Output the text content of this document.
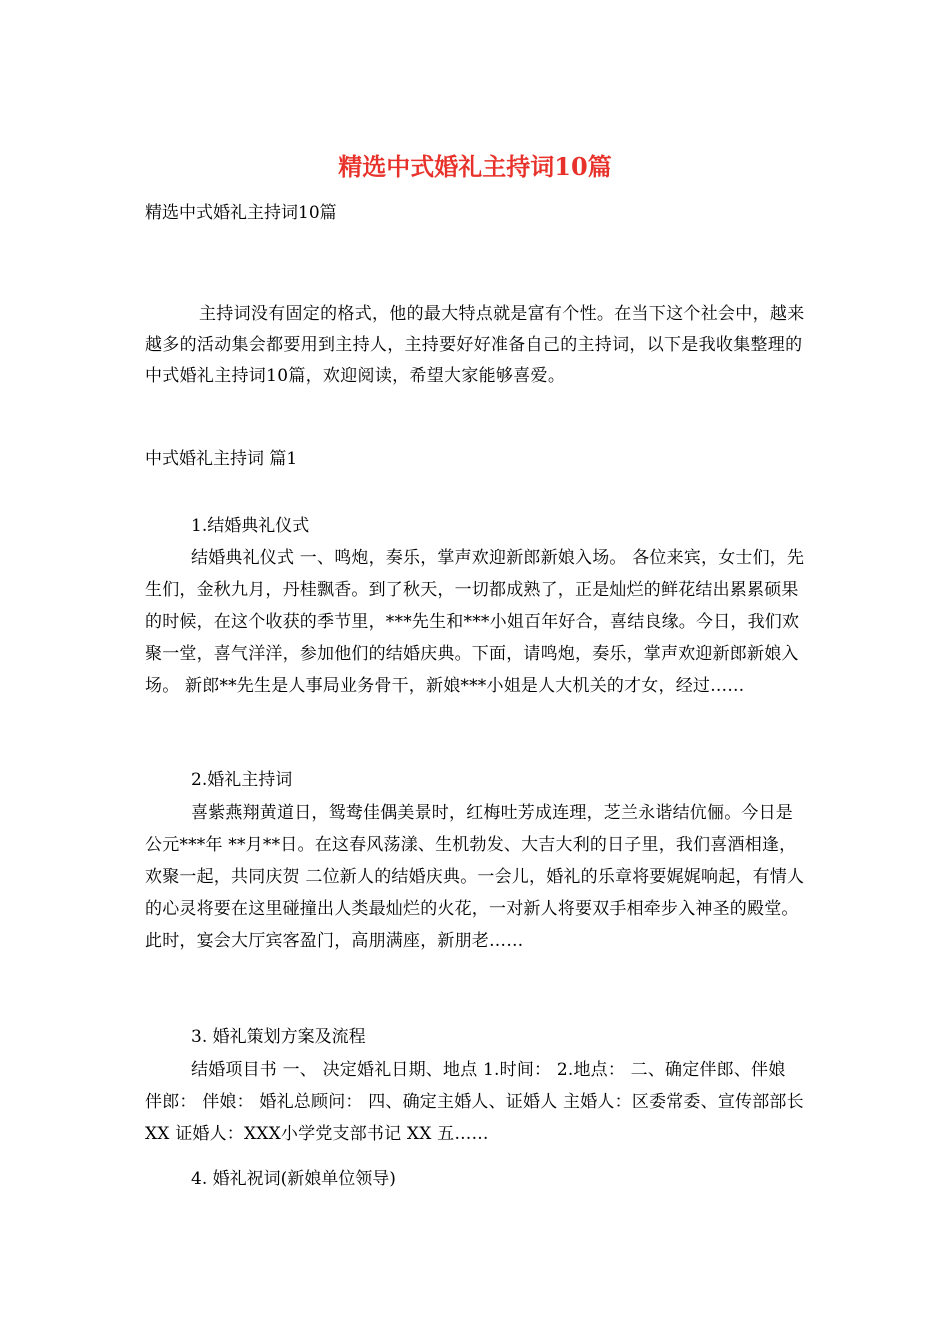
精选中式婚礼主持词10篇
精选中式婚礼主持词10篇
主持词没有固定的格式，他的最大特点就是富有个性。在当下这个社会中，越来越多的活动集会都要用到主持人，主持要好好准备自己的主持词，以下是我收集整理的中式婚礼主持词10篇，欢迎阅读，希望大家能够喜爱。
中式婚礼主持词 篇1
1.结婚典礼仪式
结婚典礼仪式 一、鸣炮，奏乐，掌声欢迎新郎新娘入场。 各位来宾，女士们，先生们，金秋九月，丹桂飘香。到了秋天，一切都成熟了，正是灿烂的鲜花结出累累硕果的时候，在这个收获的季节里，***先生和***小姐百年好合，喜结良缘。今日，我们欢聚一堂，喜气洋洋，参加他们的结婚庆典。下面，请鸣炮，奏乐，掌声欢迎新郎新娘入场。 新郎**先生是人事局业务骨干，新娘***小姐是人大机关的才女，经过……
2.婚礼主持词
喜紫燕翔黄道日，鸳鸯佳偶美景时，红梅吐芳成连理，芝兰永谐结伉俪。今日是公元***年 **月**日。在这春风荡漾、生机勃发、大吉大利的日子里，我们喜酒相逢，欢聚一起，共同庆贺 二位新人的结婚庆典。一会儿，婚礼的乐章将要娓娓响起，有情人的心灵将要在这里碰撞出人类最灿烂的火花，一对新人将要双手相牵步入神圣的殿堂。此时，宴会大厅宾客盈门，高朋满座，新朋老……
3. 婚礼策划方案及流程
结婚项目书 一、 决定婚礼日期、地点 1.时间： 2.地点： 二、确定伴郎、伴娘 伴郎： 伴娘： 婚礼总顾问： 四、确定主婚人、证婚人 主婚人：区委常委、宣传部部长 XX 证婚人：XXX小学党支部书记 XX 五……
4. 婚礼祝词(新娘单位领导)
